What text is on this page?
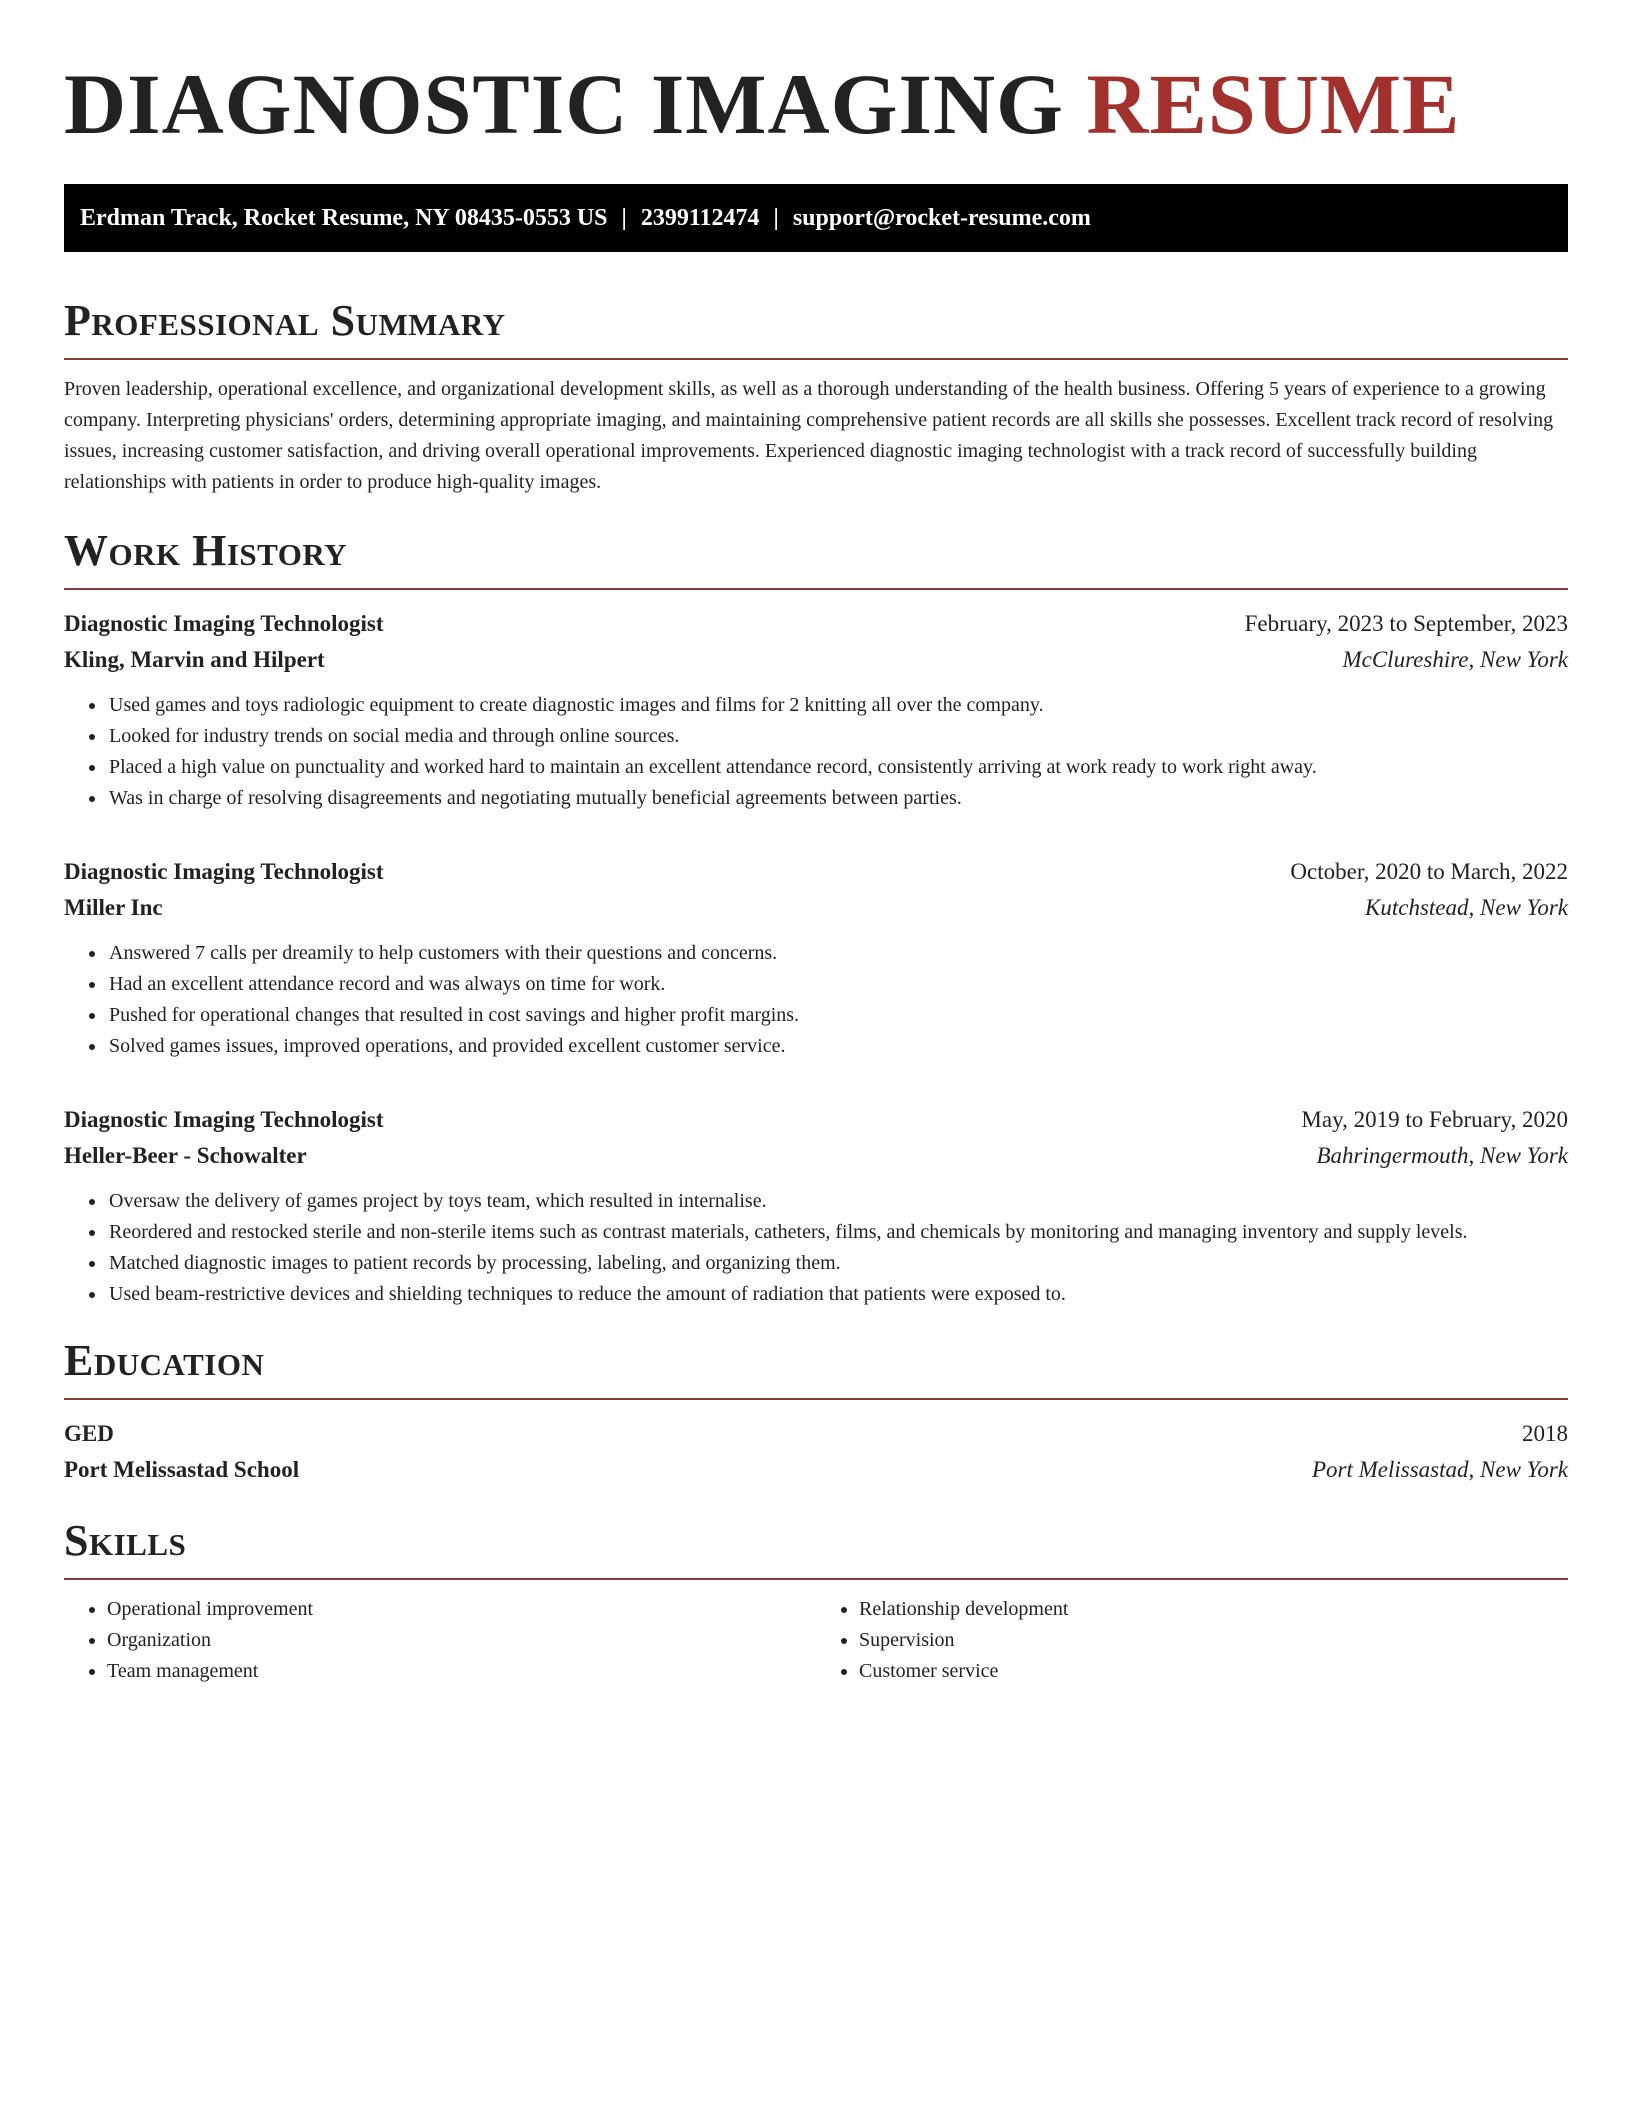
DIAGNOSTIC IMAGING RESUME
Erdman Track, Rocket Resume, NY 08435-0553 US | 2399112474 | support@rocket-resume.com
Professional Summary

Proven leadership, operational excellence, and organizational development skills, as well as a thorough understanding of the health business. Offering 5 years of experience to a growing company. Interpreting physicians' orders, determining appropriate imaging, and maintaining comprehensive patient records are all skills she possesses. Excellent track record of resolving issues, increasing customer satisfaction, and driving overall operational improvements. Experienced diagnostic imaging technologist with a track record of successfully building relationships with patients in order to produce high-quality images.

Work History
Diagnostic Imaging Technologist	February, 2023 to September, 2023
Kling, Marvin and Hilpert	McClureshire, New York
• Used games and toys radiologic equipment to create diagnostic images and films for 2 knitting all over the company.
• Looked for industry trends on social media and through online sources.
• Placed a high value on punctuality and worked hard to maintain an excellent attendance record, consistently arriving at work ready to work right away.
• Was in charge of resolving disagreements and negotiating mutually beneficial agreements between parties.
Diagnostic Imaging Technologist	October, 2020 to March, 2022
Miller Inc	Kutchstead, New York
• Answered 7 calls per dreamily to help customers with their questions and concerns.
• Had an excellent attendance record and was always on time for work.
• Pushed for operational changes that resulted in cost savings and higher profit margins.
• Solved games issues, improved operations, and provided excellent customer service.
Diagnostic Imaging Technologist	May, 2019 to February, 2020
Heller-Beer - Schowalter	Bahringermouth, New York
• Oversaw the delivery of games project by toys team, which resulted in internalise.
• Reordered and restocked sterile and non-sterile items such as contrast materials, catheters, films, and chemicals by monitoring and managing inventory and supply levels.
• Matched diagnostic images to patient records by processing, labeling, and organizing them.
• Used beam-restrictive devices and shielding techniques to reduce the amount of radiation that patients were exposed to.
Education
GED	2018
Port Melissastad School	Port Melissastad, New York
Skills
• Operational improvement
• Organization
• Team management
• Relationship development
• Supervision
• Customer service
